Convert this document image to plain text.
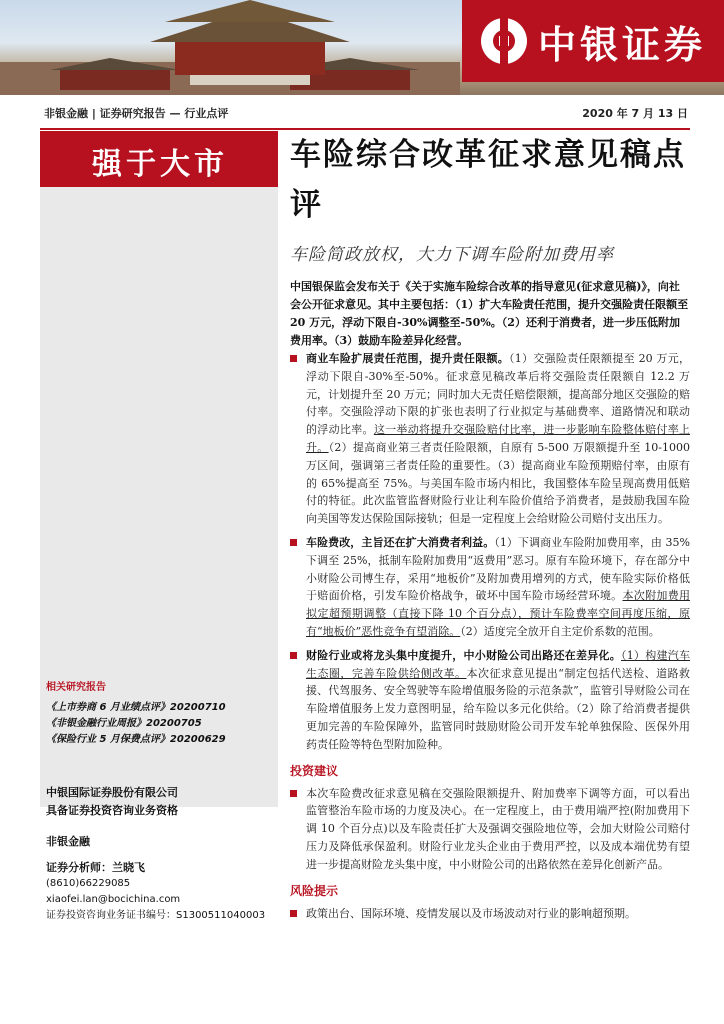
中银证券
非银金融 | 证券研究报告 — 行业点评	2020 年 7 月 13 日
强于大市 车险综合改革征求意见稿点评
车险简政放权，大力下调车险附加费用率
中国银保监会发布关于《关于实施车险综合改革的指导意见(征求意见稿)》，向社会公开征求意见。其中主要包括：（1）扩大车险责任范围，提升交强险责任限额至 20 万元，浮动下限自-30%调整至-50%。（2）还利于消费者，进一步压低附加费用率。（3）鼓励车险差异化经营。
商业车险扩展责任范围，提升责任限额。（1）交强险责任限额提至 20 万元，浮动下限自-30%至-50%。征求意见稿改革后将交强险责任限额自 12.2 万元，计划提升至 20 万元；同时加大无责任赔偿限额，提高部分地区交强险的赔付率。交强险浮动下限的扩张也表明了行业拟定与基础费率、道路情况和联动的浮动比率。这一举动将提升交强险赔付比率，进一步影响车险整体赔付率上升。（2）提高商业第三者责任险限额，自原有 5-500 万限额提升至 10-1000 万区间，强调第三者责任险的重要性。（3）提高商业车险预期赔付率，由原有的 65%提高至 75%。与美国车险市场内相比，我国整体车险呈现高费用低赔付的特征。此次监管监督财险行业让利车险价值给予消费者，是鼓励我国车险向美国等发达保险国际接轨；但是一定程度上会给财险公司赔付支出压力。
车险费改，主旨还在扩大消费者利益。（1）下调商业车险附加费用率，由 35%下调至 25%，抵制车险附加费用“返费用”恶习。原有车险环境下，存在部分中小财险公司博生存，采用“地板价”及附加费用增列的方式，使车险实际价格低于赔面价格，引发车险价格战争，破坏中国车险市场经营环境。本次附加费用拟定超预期调整（直接下降 10 个百分点），预计车险费率空间再度压缩，原有“地板价”恶性竞争有望消除。（2）适度完全放开自主定价系数的范围。
财险行业或将龙头集中度提升，中小财险公司出路还在差异化。（1）构建汽车生态圈，完善车险供给侧改革。本次征求意见提出“制定包括代送检、道路救援、代驾服务、安全驾驶等车险增值服务险的示范条款”，监管引导财险公司在车险增值服务上发力意图明显，给车险以多元化供给。（2）除了给消费者提供更加完善的车险保障外，监管同时鼓励财险公司开发车轮单独保险、医保外用药责任险等特色型附加险种。
投资建议
本次车险费改征求意见稿在交强险限额提升、附加费率下调等方面，可以看出监管整治车险市场的力度及决心。在一定程度上，由于费用端严控(附加费用下调 10 个百分点)以及车险责任扩大及强调交强险地位等，会加大财险公司赔付压力及降低承保盈利。财险行业龙头企业由于费用严控，以及成本端优势有望进一步提高财险龙头集中度，中小财险公司的出路依然在差异化创新产品。
风险提示
政策出台、国际环境、疫情发展以及市场波动对行业的影响超预期。
相关研究报告
《上市券商 6 月业绩点评》20200710
《非银金融行业周报》20200705
《保险行业 5 月保费点评》20200629
中银国际证券股份有限公司
具备证券投资咨询业务资格
非银金融
证券分析师：兰晓飞
(8610)66229085
xiaofei.lan@bocichina.com
证券投资咨询业务证书编号：S1300511040003
